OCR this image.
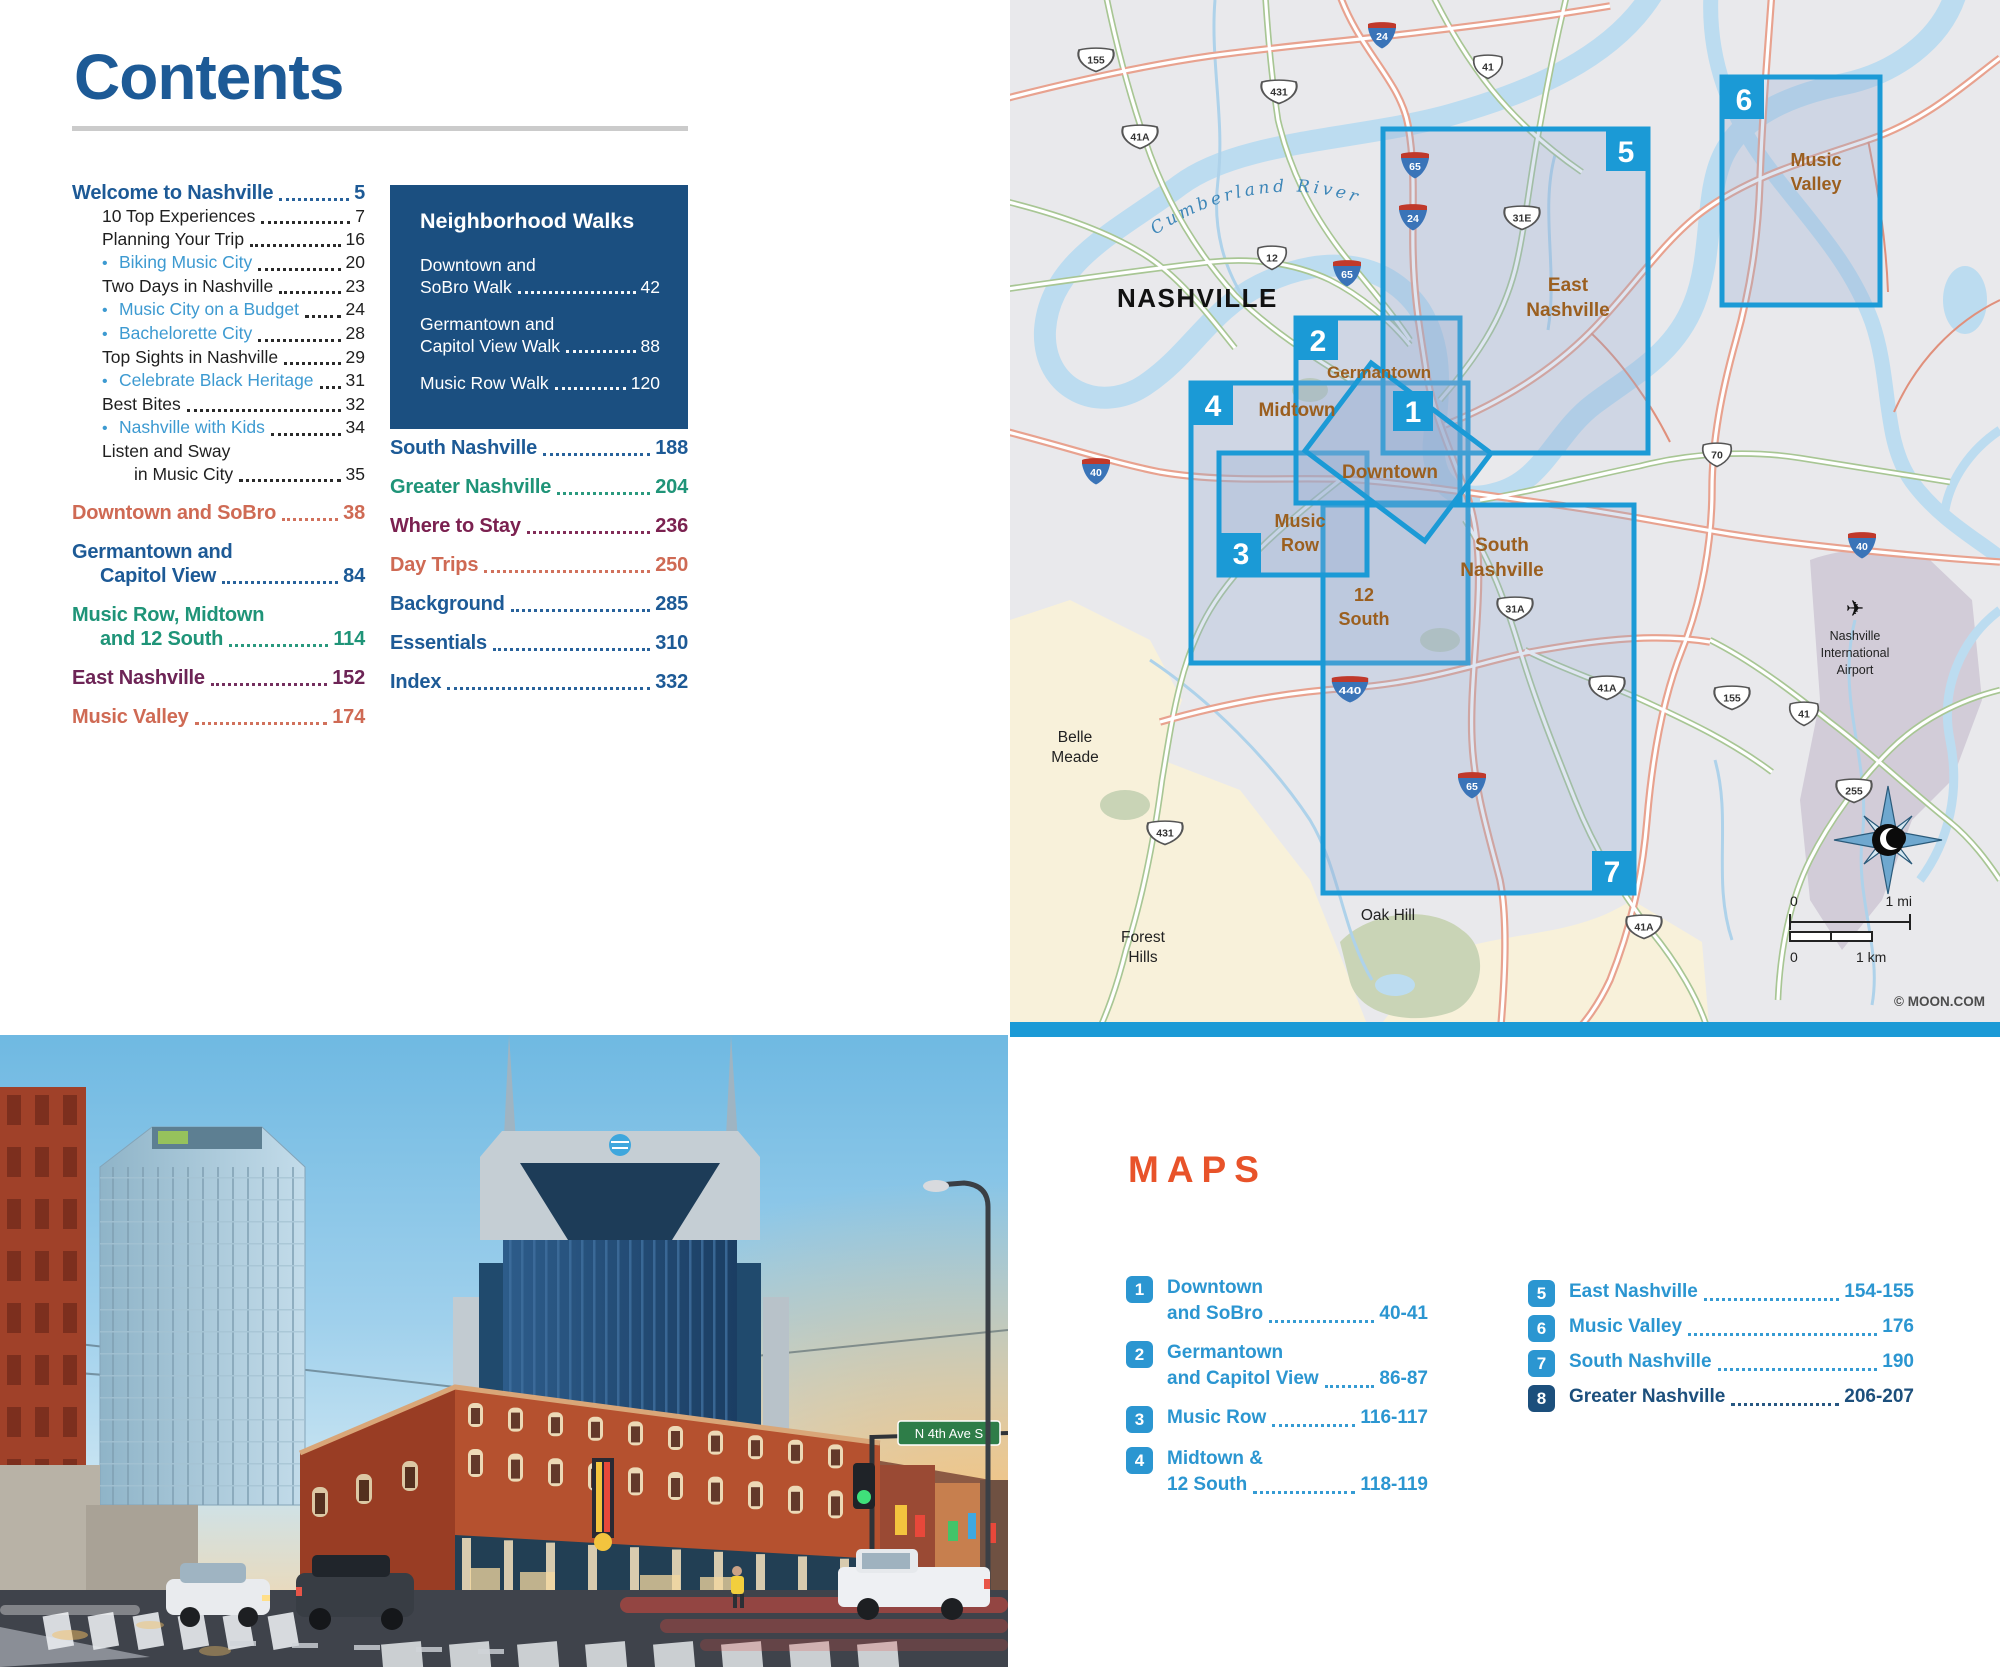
Contents
Welcome to Nashville	5
10 Top Experiences	7
Planning Your Trip	16
• Biking Music City	20
Two Days in Nashville	23
• Music City on a Budget	24
• Bachelorette City	28
Top Sights in Nashville	29
• Celebrate Black Heritage 31
Best Bites	32
• Nashville with Kids	34
Listen and Sway
in Music City	35
Downtown and SoBro	38
Germantown and
Capitol View	84
Music Row, Midtown
and 12 South	114
East Nashville	152
Music Valley	174
Neighborhood Walks
Downtown and
SoBro Walk	42
Germantown and
Capitol View Walk	88
Music Row Walk	120
South Nashville	188
Greater Nashville	204
Where to Stay	236
Day Trips	250
Background	285
Essentials	310
Index	332
4
7
3
2
5
6
1
Germantown
Midtown
Downtown
Music
Row
12
South
South
Nashville
East
Nashville
Music
Valley
NASHVILLE
Belle
Meade
Forest
Hills
Oak Hill
✈
Nashville
International
Airport
155
41A
431
41
12
31E
31A
41A
431
70
155
41
255
41A
24
65
24
65
40
40
440
65
Cumberland River
0	1 mi
0	1 km
© MOON.COM
N 4th Ave S
MAPS
1	Downtown
and SoBro	40-41
2	Germantown
and Capitol View	86-87
3	Music Row	116-117
4	Midtown &
12 South	118-119
5	East Nashville	154-155
6	Music Valley	176
7	South Nashville	190
8	Greater Nashville	206-207
